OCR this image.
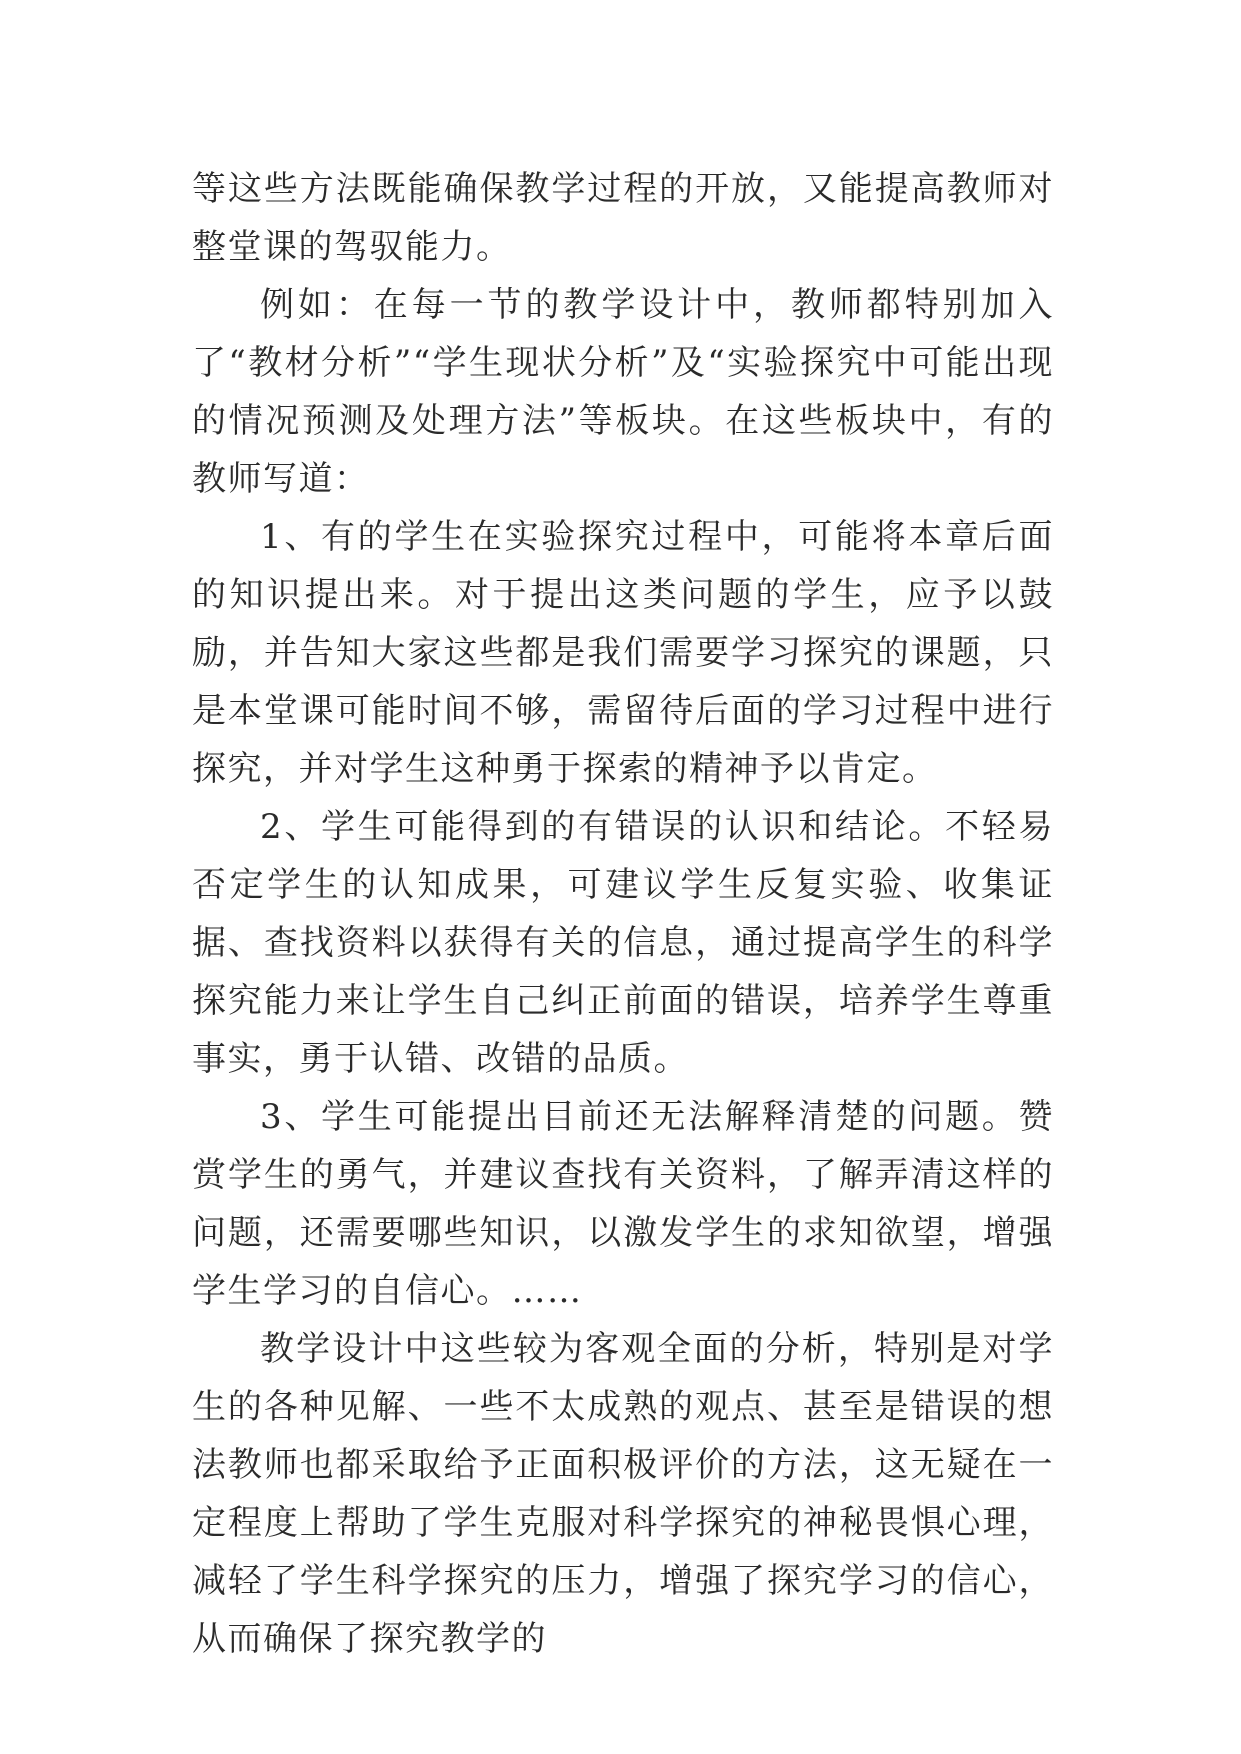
等这些方法既能确保教学过程的开放，又能提高教师对整堂课的驾驭能力。

例如：在每一节的教学设计中，教师都特别加入了“教材分析”“学生现状分析”及“实验探究中可能出现的情况预测及处理方法”等板块。在这些板块中，有的教师写道：

1、有的学生在实验探究过程中，可能将本章后面的知识提出来。对于提出这类问题的学生，应予以鼓励，并告知大家这些都是我们需要学习探究的课题，只是本堂课可能时间不够，需留待后面的学习过程中进行探究，并对学生这种勇于探索的精神予以肯定。

2、学生可能得到的有错误的认识和结论。不轻易否定学生的认知成果，可建议学生反复实验、收集证据、查找资料以获得有关的信息，通过提高学生的科学探究能力来让学生自己纠正前面的错误，培养学生尊重事实，勇于认错、改错的品质。

3、学生可能提出目前还无法解释清楚的问题。赞赏学生的勇气，并建议查找有关资料，了解弄清这样的问题，还需要哪些知识，以激发学生的求知欲望，增强学生学习的自信心。……

教学设计中这些较为客观全面的分析，特别是对学生的各种见解、一些不太成熟的观点、甚至是错误的想法教师也都采取给予正面积极评价的方法，这无疑在一定程度上帮助了学生克服对科学探究的神秘畏惧心理，减轻了学生科学探究的压力，增强了探究学习的信心，从而确保了探究教学的
